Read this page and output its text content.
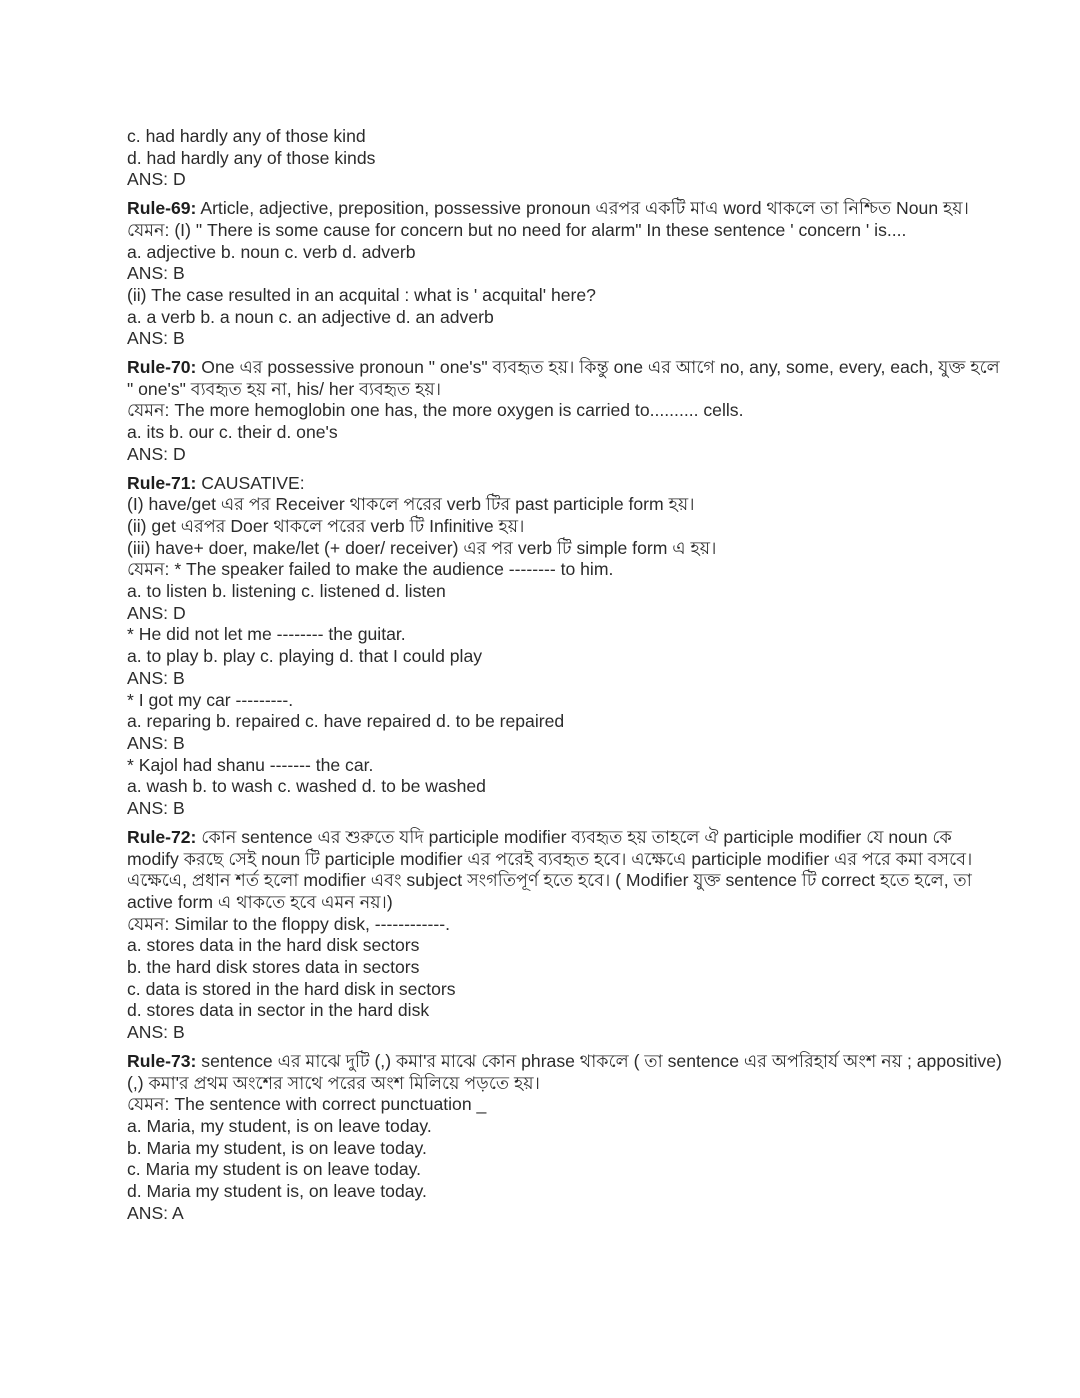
c. had hardly any of those kind

d. had hardly any of those kinds

ANS: D

Rule-69: Article, adjective, preposition, possessive pronoun এরপর একটি মাএ word থাকলে তা নিশ্চিত Noun হয়।

যেমন: (I) " There is some cause for concern but no need for alarm" In these sentence ' concern ' is....

a. adjective b. noun c. verb d. adverb

ANS: B

(ii) The case resulted in an acquital : what is ' acquital' here?

a. a verb b. a noun c. an adjective d. an adverb

ANS: B

Rule-70: One এর possessive pronoun " one's" ব্যবহৃত হয়। কিন্তু one এর আগে no, any, some, every, each, যুক্ত হলে " one's" ব্যবহৃত হয় না, his/ her ব্যবহৃত হয়।

যেমন: The more hemoglobin one has, the more oxygen is carried to.......... cells.

a. its b. our c. their d. one's

ANS: D

Rule-71: CAUSATIVE:

(I) have/get এর পর Receiver থাকলে পরের verb টির past participle form হয়।

(ii) get এরপর Doer থাকলে পরের verb টি Infinitive হয়।

(iii) have+ doer, make/let (+ doer/ receiver) এর পর verb টি simple form এ হয়।

যেমন: * The speaker failed to make the audience -------- to him.

a. to listen b. listening c. listened d. listen

ANS: D

* He did not let me -------- the guitar.

a. to play b. play c. playing d. that I could play

ANS: B

* I got my car ---------.

a. reparing b. repaired c. have repaired d. to be repaired

ANS: B

* Kajol had shanu ------- the car.

a. wash b. to wash c. washed d. to be washed

ANS: B

Rule-72: কোন sentence এর শুরুতে যদি participle modifier ব্যবহৃত হয় তাহলে ঐ participle modifier যে noun কে modify করছে সেই noun টি participle modifier এর পরেই ব্যবহৃত হবে। এক্ষেএে participle modifier এর পরে কমা বসবে। এক্ষেএে, প্রধান শর্ত হলো modifier এবং subject সংগতিপূর্ণ হতে হবে। ( Modifier যুক্ত sentence টি correct হতে হলে, তা active form এ থাকতে হবে এমন নয়।)

যেমন: Similar to the floppy disk, ------------.

a. stores data in the hard disk sectors

b. the hard disk stores data in sectors

c. data is stored in the hard disk in sectors

d. stores data in sector in the hard disk

ANS: B

Rule-73: sentence এর মাঝে দুটি (,) কমা'র মাঝে কোন phrase থাকলে ( তা sentence এর অপরিহার্য অংশ নয় ; appositive) (,) কমা'র প্রথম অংশের সাথে পরের অংশ মিলিয়ে পড়তে হয়।

যেমন: The sentence with correct punctuation _

a. Maria, my student, is on leave today.

b. Maria my student, is on leave today.

c. Maria my student is on leave today.

d. Maria my student is, on leave today.

ANS: A
